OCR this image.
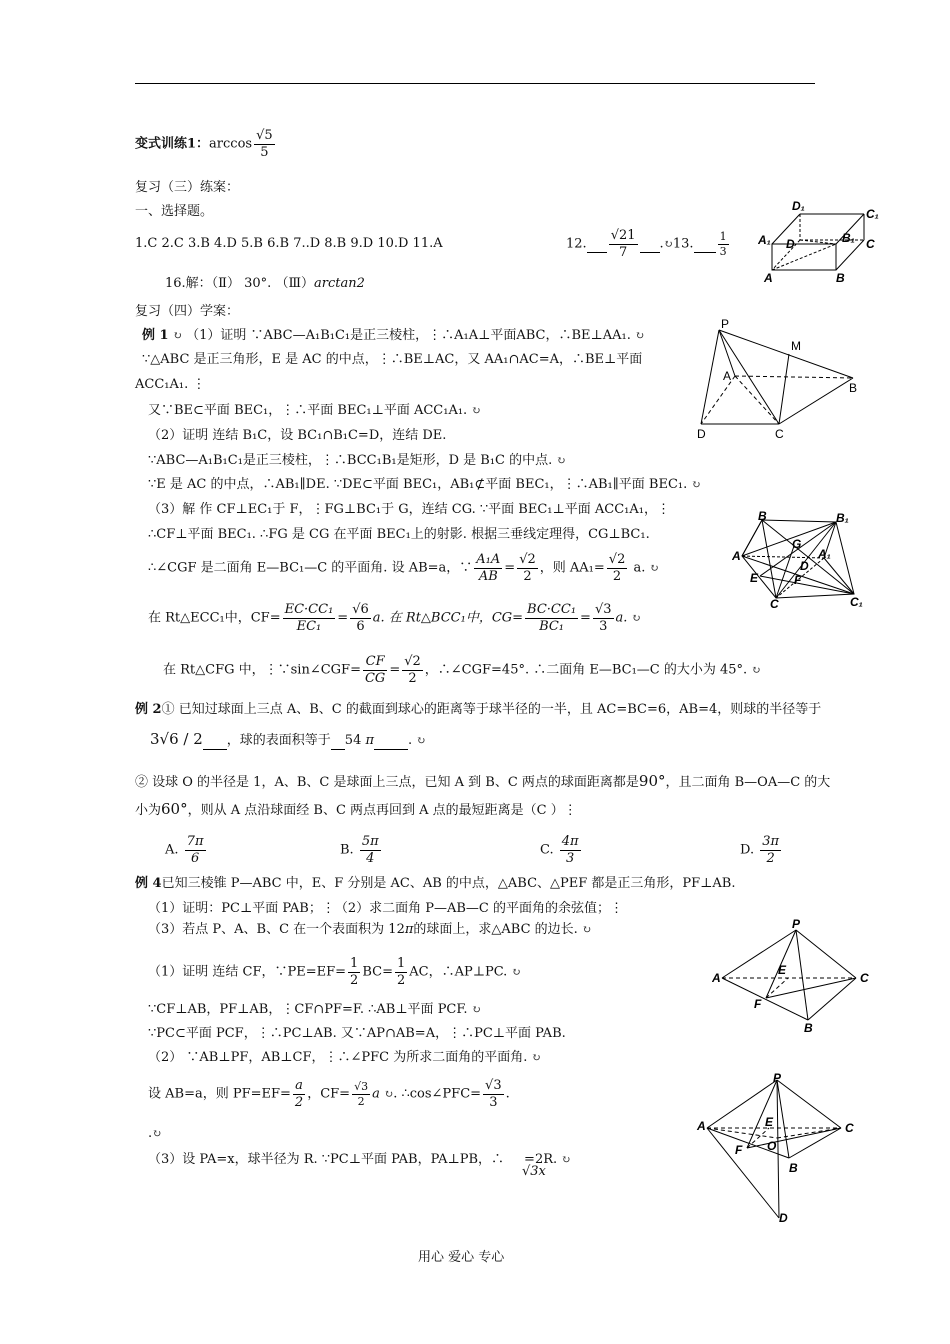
变式训练1：$\arccos \frac{√5}{5}$
复习（三）练案：
一、选择题。
1.C 2.C 3.B 4.D 5.B 6.B 7..D 8.B 9.D 10.D 11.A	12. $\frac{√21}{7}$ .↻13. $\frac{1}{3}$
16.解：（Ⅱ） 30°. （Ⅲ）arctan2
复习（四）学案：
例 1 ↻ （1）证明 ∵ABC—A₁B₁C₁是正三棱柱，⋮∴A₁A⊥平面ABC，∴BE⊥AA₁. ↻
∵△ABC 是正三角形，E 是 AC 的中点，⋮∴BE⊥AC，又 AA₁∩AC=A，∴BE⊥平面
ACC₁A₁. ⋮
又∵BE⊂平面 BEC₁，⋮∴平面 BEC₁⊥平面 ACC₁A₁. ↻
（2）证明 连结 B₁C，设 BC₁∩B₁C=D，连结 DE.
∵ABC—A₁B₁C₁是正三棱柱，⋮∴BCC₁B₁是矩形，D 是 B₁C 的中点. ↻
∵E 是 AC 的中点，∴AB₁∥DE. ∵DE⊂平面 BEC₁，AB₁⊄平面 BEC₁，⋮∴AB₁∥平面 BEC₁. ↻
（3）解 作 CF⊥EC₁于 F，⋮FG⊥BC₁于 G，连结 CG. ∵平面 BEC₁⊥平面 ACC₁A₁，⋮
∴CF⊥平面 BEC₁. ∴FG 是 CG 在平面 BEC₁上的射影. 根据三垂线定理得，CG⊥BC₁.
∴∠CGF 是二面角 E—BC₁—C 的平面角. 设 AB=a，∵ $\frac{\text{A₁A}}{AB} = \frac{√2}{2}$ ，则 $AA_1= \frac{√2}{2} a$. ↻
在 Rt△ECC₁中，$CF= \frac{\text{EC·CC₁}}{\text{EC₁}} = \frac{√6}{6} a$. 在 Rt△BCC₁中，$CG= \frac{\text{BC·CC₁}}{\text{BC₁}} = \frac{√3}{3} a$. ↻
在 Rt△CFG 中，⋮∵sin∠CGF= $\frac{CF}{CG} = \frac{√2}{2}$ ，∴∠CGF=45°. ∴二面角 E—BC₁—C 的大小为 45°. ↻
例 2① 已知过球面上三点 A、B、C 的截面到球心的距离等于球半径的一半，且 AC=BC=6，AB=4，则球的半径等于
3√6 / 2 ，球的表面积等于 54 π	. ↻
② 设球 O 的半径是 1，A、B、C 是球面上三点，已知 A 到 B、C 两点的球面距离都是90°，且二面角 B—OA—C 的大
小为60°，则从 A 点沿球面经 B、C 两点再回到 A 点的最短距离是（C ）⋮
A. $\frac{7\pi}{6}$	B. $\frac{5\pi}{4}$	C. $\frac{4\pi}{3}$	D. $\frac{3\pi}{2}$
例 4已知三棱锥 P—ABC 中，E、F 分别是 AC、AB 的中点，△ABC、△PEF 都是正三角形，PF⊥AB.
（1）证明：PC⊥平面 PAB；⋮（2）求二面角 P—AB—C 的平面角的余弦值；⋮
（3）若点 P、A、B、C 在一个表面积为 12π的球面上，求△ABC 的边长. ↻
（1）证明 连结 CF，∵PE=EF= $\frac{1}{2} BC= \frac{1}{2}$ AC，∴AP⊥PC. ↻
∵CF⊥AB，PF⊥AB，⋮CF∩PF=F. ∴AB⊥平面 PCF. ↻
∵PC⊂平面 PCF，⋮∴PC⊥AB. 又∵AP∩AB=A，⋮∴PC⊥平面 PAB.
（2） ∵AB⊥PF，AB⊥CF，⋮∴∠PFC 为所求二面角的平面角. ↻
设 AB=a，则 $PF=EF= \frac{a}{2}$ ，$CF= \frac{√3}{2}$ a ↻. ∴cos∠PFC= $\frac{√3}{3}$ .
.↻
（3）设 PA=x，球半径为 R. ∵PC⊥平面 PAB，PA⊥PB，∴ =2R. ↻
√3x
用心 爱心 专心
D₁
C₁
A₁ D	B₁ C
A	B
P
M
A
B
D	C
B	B₁
A
G
A₁
E
D
F
C	C₁
P
E
A	C
F
B
P
E
A	C
F O
B
D
